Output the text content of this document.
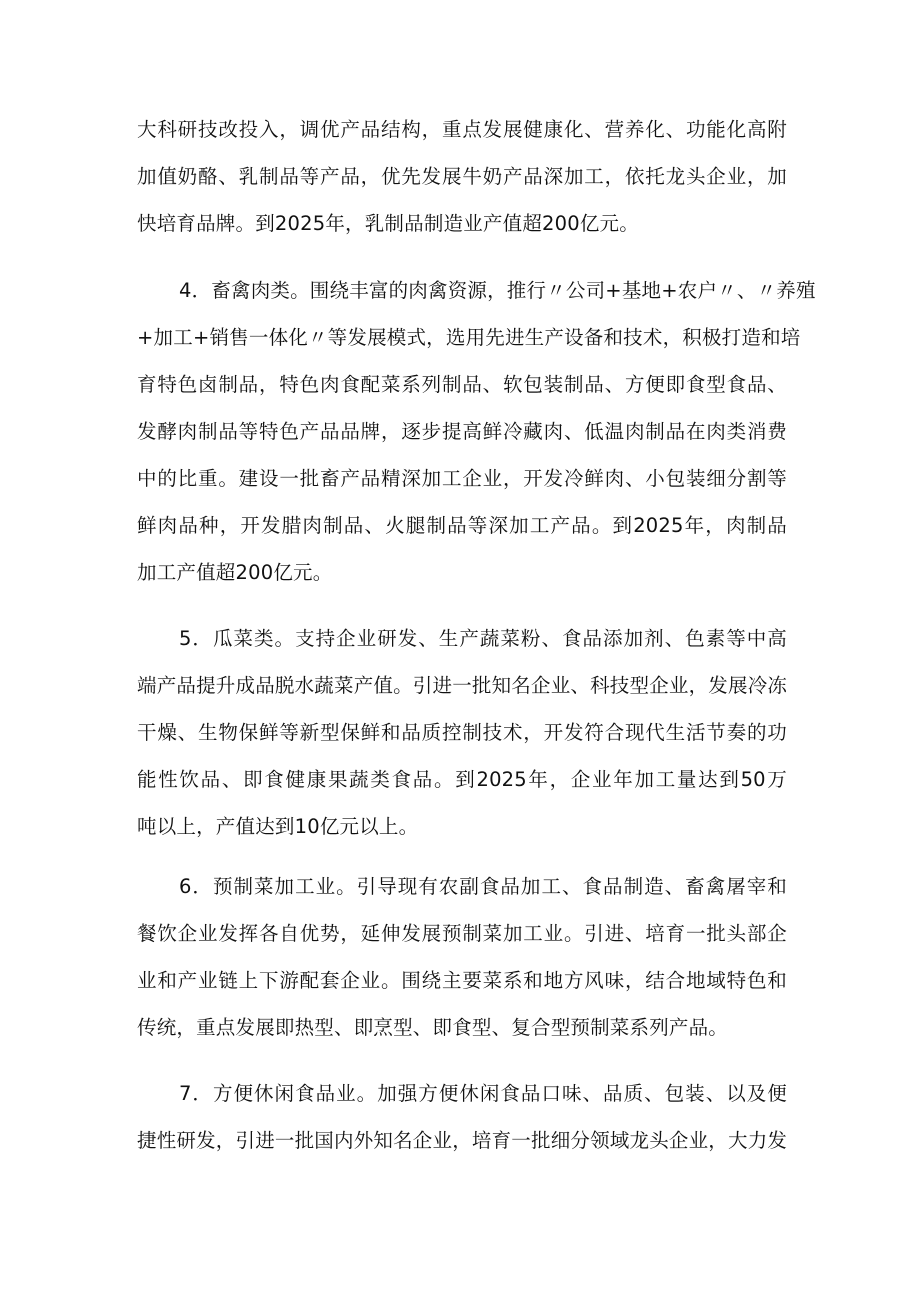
大科研技改投入，调优产品结构，重点发展健康化、营养化、功能化高附
加值奶酪、乳制品等产品，优先发展牛奶产品深加工，依托龙头企业，加
快培育品牌。到2025年，乳制品制造业产值超200亿元。
4．畜禽肉类。围绕丰富的肉禽资源，推行〃公司+基地+农户〃、〃养殖
+加工+销售一体化〃等发展模式，选用先进生产设备和技术，积极打造和培
育特色卤制品，特色肉食配菜系列制品、软包装制品、方便即食型食品、
发酵肉制品等特色产品品牌，逐步提高鲜冷藏肉、低温肉制品在肉类消费
中的比重。建设一批畜产品精深加工企业，开发冷鲜肉、小包装细分割等
鲜肉品种，开发腊肉制品、火腿制品等深加工产品。到2025年，肉制品
加工产值超200亿元。
5．瓜菜类。支持企业研发、生产蔬菜粉、食品添加剂、色素等中高
端产品提升成品脱水蔬菜产值。引进一批知名企业、科技型企业，发展冷冻
干燥、生物保鲜等新型保鲜和品质控制技术，开发符合现代生活节奏的功
能性饮品、即食健康果蔬类食品。到2025年，企业年加工量达到50万
吨以上，产值达到10亿元以上。
6．预制菜加工业。引导现有农副食品加工、食品制造、畜禽屠宰和
餐饮企业发挥各自优势，延伸发展预制菜加工业。引进、培育一批头部企
业和产业链上下游配套企业。围绕主要菜系和地方风味，结合地域特色和
传统，重点发展即热型、即烹型、即食型、复合型预制菜系列产品。
7．方便休闲食品业。加强方便休闲食品口味、品质、包装、以及便
捷性研发，引进一批国内外知名企业，培育一批细分领域龙头企业，大力发
